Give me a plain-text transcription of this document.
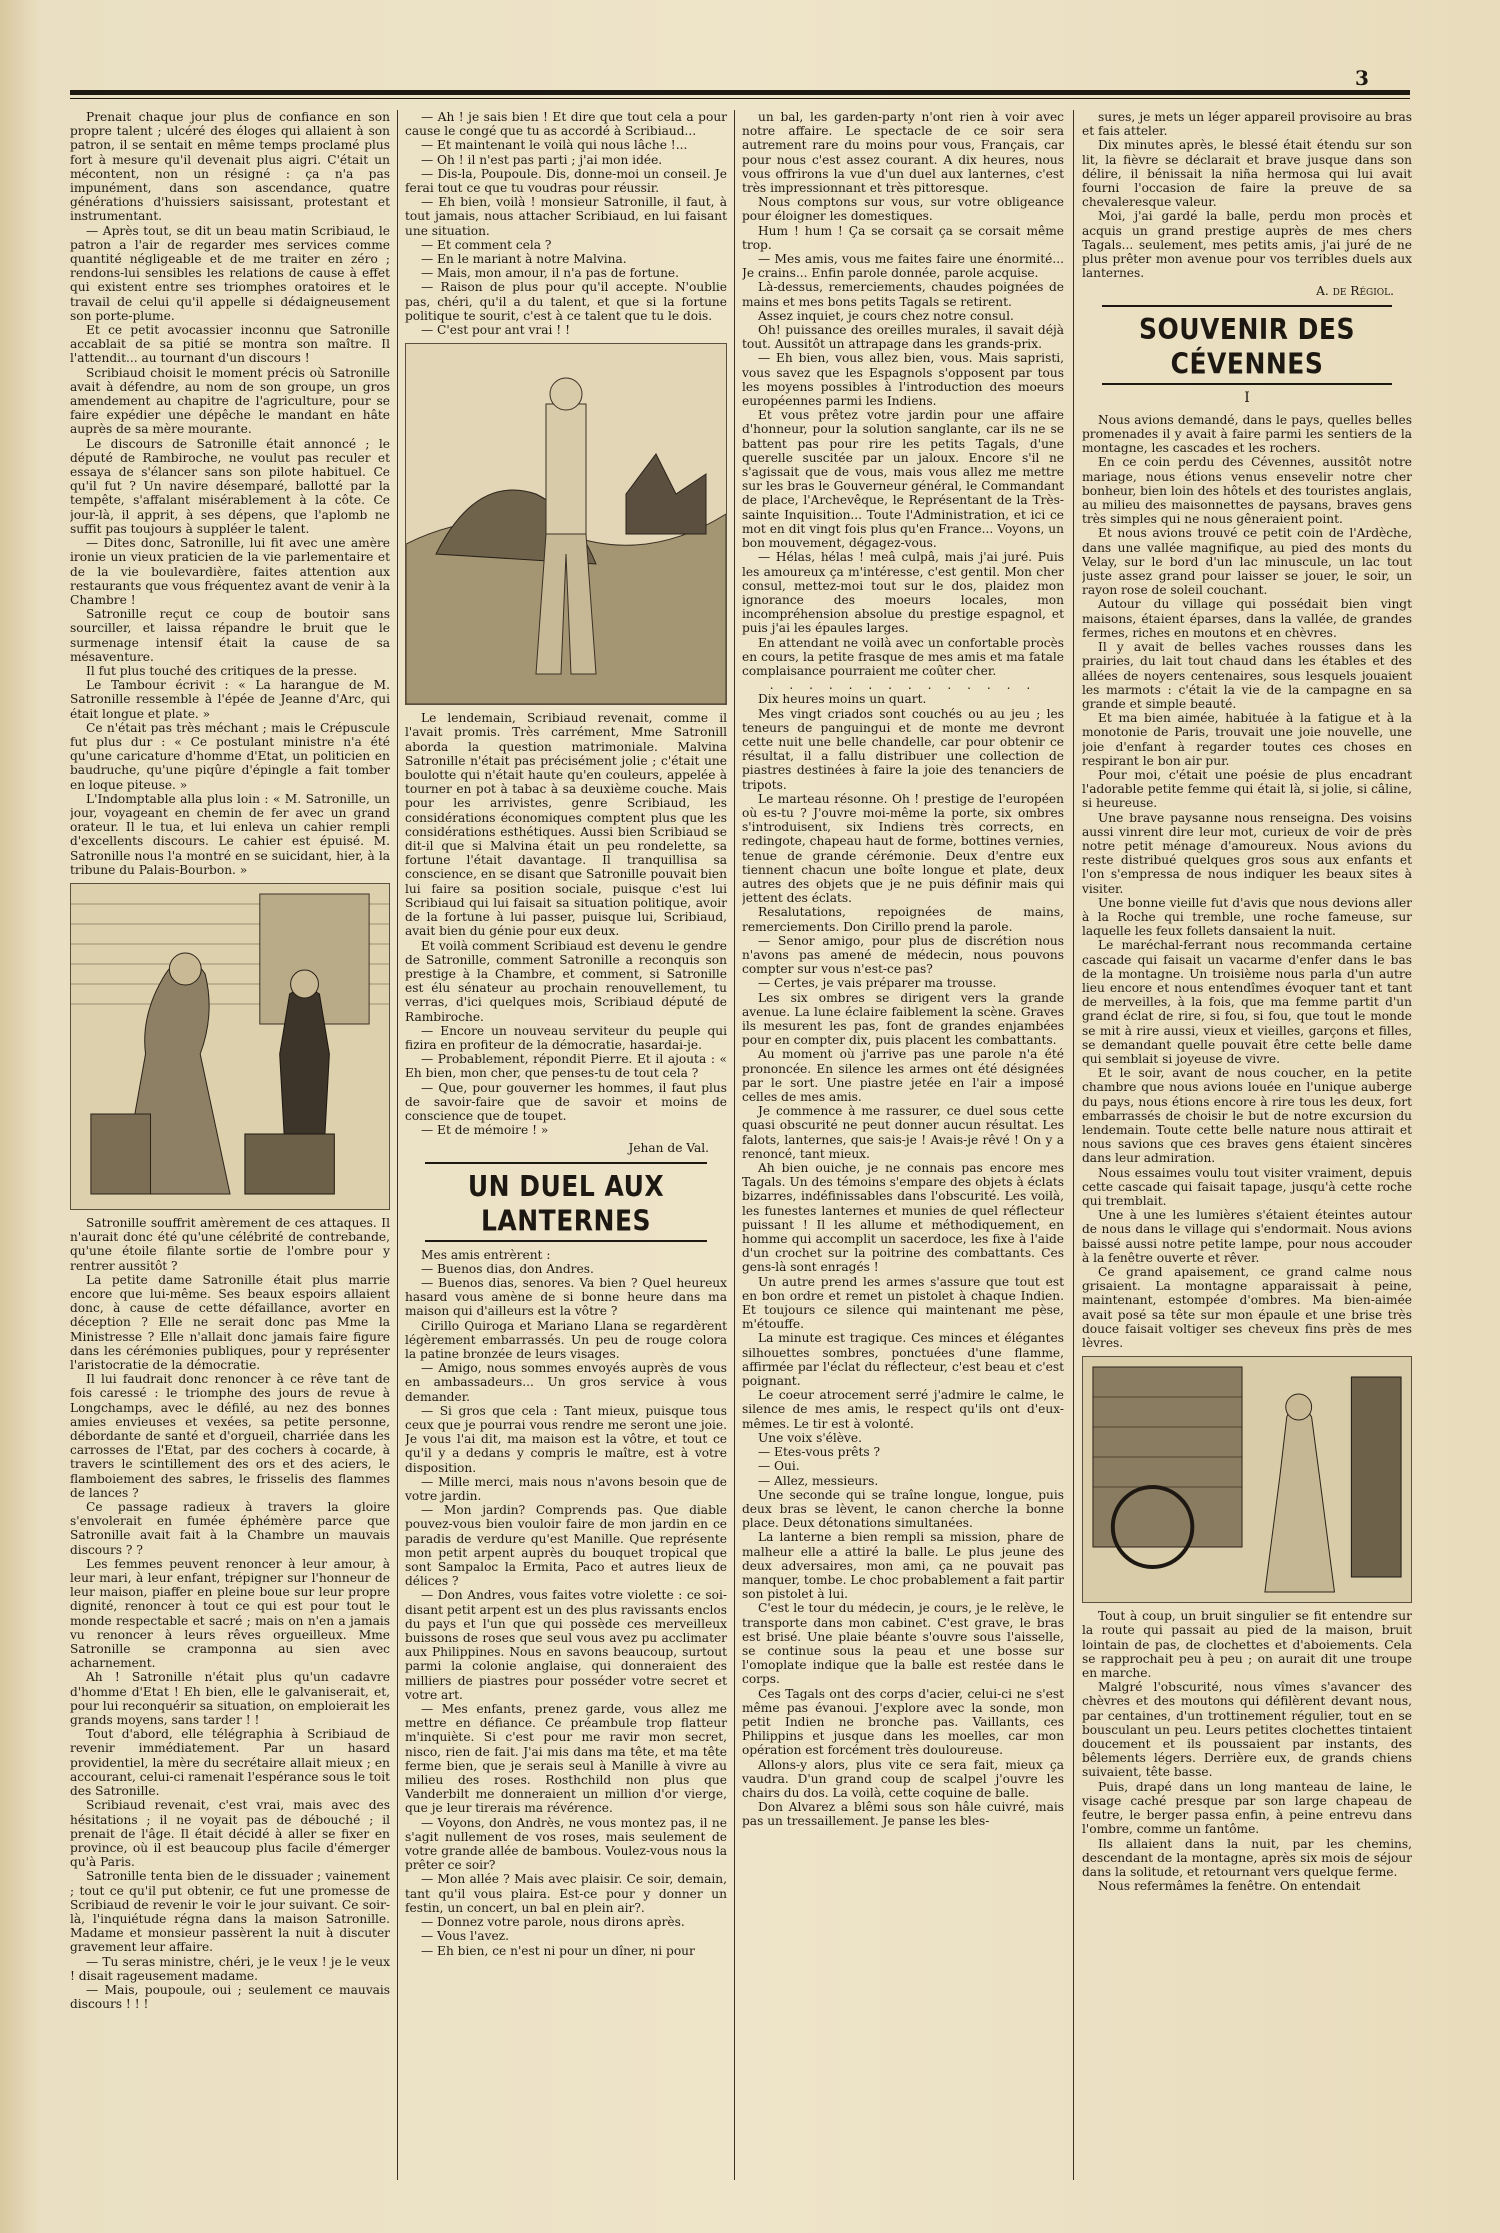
3

Prenait chaque jour plus de confiance en son propre talent ; ulcéré des éloges qui allaient à son patron, il se sentait en même temps proclamé plus fort à mesure qu'il devenait plus aigri. C'était un mécontent, non un résigné : ça n'a pas impunément, dans son ascendance, quatre générations d'huissiers saisissant, protestant et instrumentant.

— Après tout, se dit un beau matin Scribiaud, le patron a l'air de regarder mes services comme quantité négligeable et de me traiter en zéro ; rendons-lui sensibles les relations de cause à effet qui existent entre ses triomphes oratoires et le travail de celui qu'il appelle si dédaigneusement son porte-plume.

Et ce petit avocassier inconnu que Satronille accablait de sa pitié se montra son maître. Il l'attendit... au tournant d'un discours !

Scribiaud choisit le moment précis où Satronille avait à défendre, au nom de son groupe, un gros amendement au chapitre de l'agriculture, pour se faire expédier une dépêche le mandant en hâte auprès de sa mère mourante.

Le discours de Satronille était annoncé ; le député de Rambiroche, ne voulut pas reculer et essaya de s'élancer sans son pilote habituel. Ce qu'il fut ? Un navire désemparé, ballotté par la tempête, s'affalant misérablement à la côte. Ce jour-là, il apprit, à ses dépens, que l'aplomb ne suffit pas toujours à suppléer le talent.

— Dites donc, Satronille, lui fit avec une amère ironie un vieux praticien de la vie parlementaire et de la vie boulevardière, faites attention aux restaurants que vous fréquentez avant de venir à la Chambre !

Satronille reçut ce coup de boutoir sans sourciller, et laissa répandre le bruit que le surmenage intensif était la cause de sa mésaventure.

Il fut plus touché des critiques de la presse.

Le Tambour écrivit : « La harangue de M. Satronille ressemble à l'épée de Jeanne d'Arc, qui était longue et plate. »

Ce n'était pas très méchant ; mais le Crépuscule fut plus dur : « Ce postulant ministre n'a été qu'une caricature d'homme d'Etat, un politicien en baudruche, qu'une piqûre d'épingle a fait tomber en loque piteuse. »

L'Indomptable alla plus loin : « M. Satronille, un jour, voyageant en chemin de fer avec un grand orateur. Il le tua, et lui enleva un cahier rempli d'excellents discours. Le cahier est épuisé. M. Satronille nous l'a montré en se suicidant, hier, à la tribune du Palais-Bourbon. »

Satronille souffrit amèrement de ces attaques. Il n'aurait donc été qu'une célébrité de contrebande, qu'une étoile filante sortie de l'ombre pour y rentrer aussitôt ?

La petite dame Satronille était plus marrie encore que lui-même. Ses beaux espoirs allaient donc, à cause de cette défaillance, avorter en déception ? Elle ne serait donc pas Mme la Ministresse ? Elle n'allait donc jamais faire figure dans les cérémonies publiques, pour y représenter l'aristocratie de la démocratie.

Il lui faudrait donc renoncer à ce rêve tant de fois caressé : le triomphe des jours de revue à Longchamps, avec le défilé, au nez des bonnes amies envieuses et vexées, sa petite personne, débordante de santé et d'orgueil, charriée dans les carrosses de l'Etat, par des cochers à cocarde, à travers le scintillement des ors et des aciers, le flamboiement des sabres, le frisselis des flammes de lances ?

Ce passage radieux à travers la gloire s'envolerait en fumée éphémère parce que Satronille avait fait à la Chambre un mauvais discours ? ?

Les femmes peuvent renoncer à leur amour, à leur mari, à leur enfant, trépigner sur l'honneur de leur maison, piaffer en pleine boue sur leur propre dignité, renoncer à tout ce qui est pour tout le monde respectable et sacré ; mais on n'en a jamais vu renoncer à leurs rêves orgueilleux. Mme Satronille se cramponna au sien avec acharnement.

Ah ! Satronille n'était plus qu'un cadavre d'homme d'Etat ! Eh bien, elle le galvaniserait, et, pour lui reconquérir sa situation, on emploierait les grands moyens, sans tarder ! !

Tout d'abord, elle télégraphia à Scribiaud de revenir immédiatement. Par un hasard providentiel, la mère du secrétaire allait mieux ; en accourant, celui-ci ramenait l'espérance sous le toit des Satronille.

Scribiaud revenait, c'est vrai, mais avec des hésitations ; il ne voyait pas de débouché ; il prenait de l'âge. Il était décidé à aller se fixer en province, où il est beaucoup plus facile d'émerger qu'à Paris.

Satronille tenta bien de le dissuader ; vainement ; tout ce qu'il put obtenir, ce fut une promesse de Scribiaud de revenir le voir le jour suivant. Ce soir-là, l'inquiétude régna dans la maison Satronille. Madame et monsieur passèrent la nuit à discuter gravement leur affaire.

— Tu seras ministre, chéri, je le veux ! je le veux ! disait rageusement madame.

— Mais, poupoule, oui ; seulement ce mauvais discours ! ! !

— Ah ! je sais bien ! Et dire que tout cela a pour cause le congé que tu as accordé à Scribiaud...

— Et maintenant le voilà qui nous lâche !...

— Oh ! il n'est pas parti ; j'ai mon idée.

— Dis-la, Poupoule. Dis, donne-moi un conseil. Je ferai tout ce que tu voudras pour réussir.

— Eh bien, voilà ! monsieur Satronille, il faut, à tout jamais, nous attacher Scribiaud, en lui faisant une situation.

— Et comment cela ?

— En le mariant à notre Malvina.

— Mais, mon amour, il n'a pas de fortune.

— Raison de plus pour qu'il accepte. N'oublie pas, chéri, qu'il a du talent, et que si la fortune politique te sourit, c'est à ce talent que tu le dois.

— C'est pour ant vrai ! !

Le lendemain, Scribiaud revenait, comme il l'avait promis. Très carrément, Mme Satronill aborda la question matrimoniale. Malvina Satronille n'était pas précisément jolie ; c'était une boulotte qui n'était haute qu'en couleurs, appelée à tourner en pot à tabac à sa deuxième couche. Mais pour les arrivistes, genre Scribiaud, les considérations économiques comptent plus que les considérations esthétiques. Aussi bien Scribiaud se dit-il que si Malvina était un peu rondelette, sa fortune l'était davantage. Il tranquillisa sa conscience, en se disant que Satronille pouvait bien lui faire sa position sociale, puisque c'est lui Scribiaud qui lui faisait sa situation politique, avoir de la fortune à lui passer, puisque lui, Scribiaud, avait bien du génie pour eux deux.

Et voilà comment Scribiaud est devenu le gendre de Satronille, comment Satronille a reconquis son prestige à la Chambre, et comment, si Satronille est élu sénateur au prochain renouvellement, tu verras, d'ici quelques mois, Scribiaud député de Rambiroche.

— Encore un nouveau serviteur du peuple qui fizira en profiteur de la démocratie, hasardai-je.

— Probablement, répondit Pierre. Et il ajouta : « Eh bien, mon cher, que penses-tu de tout cela ?

— Que, pour gouverner les hommes, il faut plus de savoir-faire que de savoir et moins de conscience que de toupet.

— Et de mémoire ! »

Jehan de Val.
UN DUEL AUX LANTERNES

Mes amis entrèrent :

— Buenos dias, don Andres.

— Buenos dias, senores. Va bien ? Quel heureux hasard vous amène de si bonne heure dans ma maison qui d'ailleurs est la vôtre ?

Cirillo Quiroga et Mariano Llana se regardèrent légèrement embarrassés. Un peu de rouge colora la patine bronzée de leurs visages.

— Amigo, nous sommes envoyés auprès de vous en ambassadeurs... Un gros service à vous demander.

— Si gros que cela : Tant mieux, puisque tous ceux que je pourrai vous rendre me seront une joie. Je vous l'ai dit, ma maison est la vôtre, et tout ce qu'il y a dedans y compris le maître, est à votre disposition.

— Mille merci, mais nous n'avons besoin que de votre jardin.

— Mon jardin? Comprends pas. Que diable pouvez-vous bien vouloir faire de mon jardin en ce paradis de verdure qu'est Manille. Que représente mon petit arpent auprès du bouquet tropical que sont Sampaloc la Ermita, Paco et autres lieux de délices ?

— Don Andres, vous faites votre violette : ce soi-disant petit arpent est un des plus ravissants enclos du pays et l'un que qui possède ces merveilleux buissons de roses que seul vous avez pu acclimater aux Philippines. Nous en savons beaucoup, surtout parmi la colonie anglaise, qui donneraient des milliers de piastres pour posséder votre secret et votre art.

— Mes enfants, prenez garde, vous allez me mettre en défiance. Ce préambule trop flatteur m'inquiète. Si c'est pour me ravir mon secret, nisco, rien de fait. J'ai mis dans ma tête, et ma tête ferme bien, que je serais seul à Manille à vivre au milieu des roses. Rosthchild non plus que Vanderbilt me donneraient un million d'or vierge, que je leur tirerais ma révérence.

— Voyons, don Andrès, ne vous montez pas, il ne s'agit nullement de vos roses, mais seulement de votre grande allée de bambous. Voulez-vous nous la prêter ce soir?

— Mon allée ? Mais avec plaisir. Ce soir, demain, tant qu'il vous plaira. Est-ce pour y donner un festin, un concert, un bal en plein air?.

— Donnez votre parole, nous dirons après.

— Vous l'avez.

— Eh bien, ce n'est ni pour un dîner, ni pour

un bal, les garden-party n'ont rien à voir avec notre affaire. Le spectacle de ce soir sera autrement rare du moins pour vous, Français, car pour nous c'est assez courant. A dix heures, nous vous offrirons la vue d'un duel aux lanternes, c'est très impressionnant et très pittoresque.

Nous comptons sur vous, sur votre obligeance pour éloigner les domestiques.

Hum ! hum ! Ça se corsait ça se corsait même trop.

— Mes amis, vous me faites faire une énormité... Je crains... Enfin parole donnée, parole acquise.

Là-dessus, remerciements, chaudes poignées de mains et mes bons petits Tagals se retirent.

Assez inquiet, je cours chez notre consul.

Oh! puissance des oreilles murales, il savait déjà tout. Aussitôt un attrapage dans les grands-prix.

— Eh bien, vous allez bien, vous. Mais sapristi, vous savez que les Espagnols s'opposent par tous les moyens possibles à l'introduction des moeurs européennes parmi les Indiens.

Et vous prêtez votre jardin pour une affaire d'honneur, pour la solution sanglante, car ils ne se battent pas pour rire les petits Tagals, d'une querelle suscitée par un jaloux. Encore s'il ne s'agissait que de vous, mais vous allez me mettre sur les bras le Gouverneur général, le Commandant de place, l'Archevêque, le Représentant de la Très-sainte Inquisition... Toute l'Administration, et ici ce mot en dit vingt fois plus qu'en France... Voyons, un bon mouvement, dégagez-vous.

— Hélas, hélas ! meâ culpâ, mais j'ai juré. Puis les amoureux ça m'intéresse, c'est gentil. Mon cher consul, mettez-moi tout sur le dos, plaidez mon ignorance des moeurs locales, mon incompréhension absolue du prestige espagnol, et puis j'ai les épaules larges.

En attendant ne voilà avec un confortable procès en cours, la petite frasque de mes amis et ma fatale complaisance pourraient me coûter cher.

. . . . . . . . . . . . . .

Dix heures moins un quart.

Mes vingt criados sont couchés ou au jeu ; les teneurs de panguingui et de monte me devront cette nuit une belle chandelle, car pour obtenir ce résultat, il a fallu distribuer une collection de piastres destinées à faire la joie des tenanciers de tripots.

Le marteau résonne. Oh ! prestige de l'européen où es-tu ? J'ouvre moi-même la porte, six ombres s'introduisent, six Indiens très corrects, en redingote, chapeau haut de forme, bottines vernies, tenue de grande cérémonie. Deux d'entre eux tiennent chacun une boîte longue et plate, deux autres des objets que je ne puis définir mais qui jettent des éclats.

Resalutations, repoignées de mains, remerciements. Don Cirillo prend la parole.

— Senor amigo, pour plus de discrétion nous n'avons pas amené de médecin, nous pouvons compter sur vous n'est-ce pas?

— Certes, je vais préparer ma trousse.

Les six ombres se dirigent vers la grande avenue. La lune éclaire faiblement la scène. Graves ils mesurent les pas, font de grandes enjambées pour en compter dix, puis placent les combattants.

Au moment où j'arrive pas une parole n'a été prononcée. En silence les armes ont été désignées par le sort. Une piastre jetée en l'air a imposé celles de mes amis.

Je commence à me rassurer, ce duel sous cette quasi obscurité ne peut donner aucun résultat. Les falots, lanternes, que sais-je ! Avais-je rêvé ! On y a renoncé, tant mieux.

Ah bien ouiche, je ne connais pas encore mes Tagals. Un des témoins s'empare des objets à éclats bizarres, indéfinissables dans l'obscurité. Les voilà, les funestes lanternes et munies de quel réflecteur puissant ! Il les allume et méthodiquement, en homme qui accomplit un sacerdoce, les fixe à l'aide d'un crochet sur la poitrine des combattants. Ces gens-là sont enragés !

Un autre prend les armes s'assure que tout est en bon ordre et remet un pistolet à chaque Indien. Et toujours ce silence qui maintenant me pèse, m'étouffe.

La minute est tragique. Ces minces et élégantes silhouettes sombres, ponctuées d'une flamme, affirmée par l'éclat du réflecteur, c'est beau et c'est poignant.

Le coeur atrocement serré j'admire le calme, le silence de mes amis, le respect qu'ils ont d'eux-mêmes. Le tir est à volonté.

Une voix s'élève.

— Etes-vous prêts ?

— Oui.

— Allez, messieurs.

Une seconde qui se traîne longue, longue, puis deux bras se lèvent, le canon cherche la bonne place. Deux détonations simultanées.

La lanterne a bien rempli sa mission, phare de malheur elle a attiré la balle. Le plus jeune des deux adversaires, mon ami, ça ne pouvait pas manquer, tombe. Le choc probablement a fait partir son pistolet à lui.

C'est le tour du médecin, je cours, je le relève, le transporte dans mon cabinet. C'est grave, le bras est brisé. Une plaie béante s'ouvre sous l'aisselle, se continue sous la peau et une bosse sur l'omoplate indique que la balle est restée dans le corps.

Ces Tagals ont des corps d'acier, celui-ci ne s'est même pas évanoui. J'explore avec la sonde, mon petit Indien ne bronche pas. Vaillants, ces Philippins et jusque dans les moelles, car mon opération est forcément très douloureuse.

Allons-y alors, plus vite ce sera fait, mieux ça vaudra. D'un grand coup de scalpel j'ouvre les chairs du dos. La voilà, cette coquine de balle.

Don Alvarez a blêmi sous son hâle cuivré, mais pas un tressaillement. Je panse les bles-

sures, je mets un léger appareil provisoire au bras et fais atteler.

Dix minutes après, le blessé était étendu sur son lit, la fièvre se déclarait et brave jusque dans son délire, il bénissait la niña hermosa qui lui avait fourni l'occasion de faire la preuve de sa chevaleresque valeur.

Moi, j'ai gardé la balle, perdu mon procès et acquis un grand prestige auprès de mes chers Tagals... seulement, mes petits amis, j'ai juré de ne plus prêter mon avenue pour vos terribles duels aux lanternes.

A. de Régiol.
SOUVENIR DES CÉVENNES
I

Nous avions demandé, dans le pays, quelles belles promenades il y avait à faire parmi les sentiers de la montagne, les cascades et les rochers.

En ce coin perdu des Cévennes, aussitôt notre mariage, nous étions venus ensevelir notre cher bonheur, bien loin des hôtels et des touristes anglais, au milieu des maisonnettes de paysans, braves gens très simples qui ne nous gêneraient point.

Et nous avions trouvé ce petit coin de l'Ardèche, dans une vallée magnifique, au pied des monts du Velay, sur le bord d'un lac minuscule, un lac tout juste assez grand pour laisser se jouer, le soir, un rayon rose de soleil couchant.

Autour du village qui possédait bien vingt maisons, étaient éparses, dans la vallée, de grandes fermes, riches en moutons et en chèvres.

Il y avait de belles vaches rousses dans les prairies, du lait tout chaud dans les étables et des allées de noyers centenaires, sous lesquels jouaient les marmots : c'était la vie de la campagne en sa grande et simple beauté.

Et ma bien aimée, habituée à la fatigue et à la monotonie de Paris, trouvait une joie nouvelle, une joie d'enfant à regarder toutes ces choses en respirant le bon air pur.

Pour moi, c'était une poésie de plus encadrant l'adorable petite femme qui était là, si jolie, si câline, si heureuse.

Une brave paysanne nous renseigna. Des voisins aussi vinrent dire leur mot, curieux de voir de près notre petit ménage d'amoureux. Nous avions du reste distribué quelques gros sous aux enfants et l'on s'empressa de nous indiquer les beaux sites à visiter.

Une bonne vieille fut d'avis que nous devions aller à la Roche qui tremble, une roche fameuse, sur laquelle les feux follets dansaient la nuit.

Le maréchal-ferrant nous recommanda certaine cascade qui faisait un vacarme d'enfer dans le bas de la montagne. Un troisième nous parla d'un autre lieu encore et nous entendîmes évoquer tant et tant de merveilles, à la fois, que ma femme partit d'un grand éclat de rire, si fou, si fou, que tout le monde se mit à rire aussi, vieux et vieilles, garçons et filles, se demandant quelle pouvait être cette belle dame qui semblait si joyeuse de vivre.

Et le soir, avant de nous coucher, en la petite chambre que nous avions louée en l'unique auberge du pays, nous étions encore à rire tous les deux, fort embarrassés de choisir le but de notre excursion du lendemain. Toute cette belle nature nous attirait et nous savions que ces braves gens étaient sincères dans leur admiration.

Nous essaimes voulu tout visiter vraiment, depuis cette cascade qui faisait tapage, jusqu'à cette roche qui tremblait.

Une à une les lumières s'étaient éteintes autour de nous dans le village qui s'endormait. Nous avions baissé aussi notre petite lampe, pour nous accouder à la fenêtre ouverte et rêver.

Ce grand apaisement, ce grand calme nous grisaient. La montagne apparaissait à peine, maintenant, estompée d'ombres. Ma bien-aimée avait posé sa tête sur mon épaule et une brise très douce faisait voltiger ses cheveux fins près de mes lèvres.

Tout à coup, un bruit singulier se fit entendre sur la route qui passait au pied de la maison, bruit lointain de pas, de clochettes et d'aboiements. Cela se rapprochait peu à peu ; on aurait dit une troupe en marche.

Malgré l'obscurité, nous vîmes s'avancer des chèvres et des moutons qui défilèrent devant nous, par centaines, d'un trottinement régulier, tout en se bousculant un peu. Leurs petites clochettes tintaient doucement et ils poussaient par instants, des bêlements légers. Derrière eux, de grands chiens suivaient, tête basse.

Puis, drapé dans un long manteau de laine, le visage caché presque par son large chapeau de feutre, le berger passa enfin, à peine entrevu dans l'ombre, comme un fantôme.

Ils allaient dans la nuit, par les chemins, descendant de la montagne, après six mois de séjour dans la solitude, et retournant vers quelque ferme.

Nous refermâmes la fenêtre. On entendait
